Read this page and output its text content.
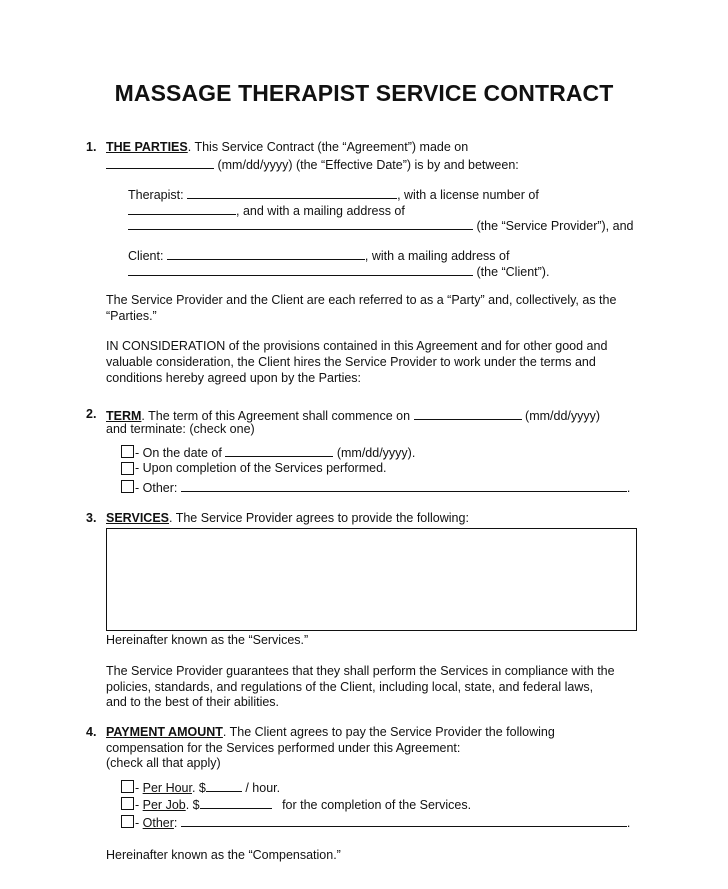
MASSAGE THERAPIST SERVICE CONTRACT
1. THE PARTIES. This Service Contract (the “Agreement”) made on
(mm/dd/yyyy) (the “Effective Date”) is by and between:
Therapist:	, with a license number of
, and with a mailing address of
(the “Service Provider”), and
Client:	, with a mailing address of
(the “Client”).
The Service Provider and the Client are each referred to as a “Party” and, collectively, as the
“Parties.”
IN CONSIDERATION of the provisions contained in this Agreement and for other good and
valuable consideration, the Client hires the Service Provider to work under the terms and
conditions hereby agreed upon by the Parties:
2. TERM. The term of this Agreement shall commence on	(mm/dd/yyyy)
and terminate: (check one)
- On the date of	(mm/dd/yyyy).
- Upon completion of the Services performed.
- Other:	.
3. SERVICES. The Service Provider agrees to provide the following:
Hereinafter known as the “Services.”
The Service Provider guarantees that they shall perform the Services in compliance with the
policies, standards, and regulations of the Client, including local, state, and federal laws,
and to the best of their abilities.
4. PAYMENT AMOUNT. The Client agrees to pay the Service Provider the following
compensation for the Services performed under this Agreement:
(check all that apply)
- Per Hour. $	/ hour.
- Per Job. $	for the completion of the Services.
- Other:	.
Hereinafter known as the “Compensation.”
